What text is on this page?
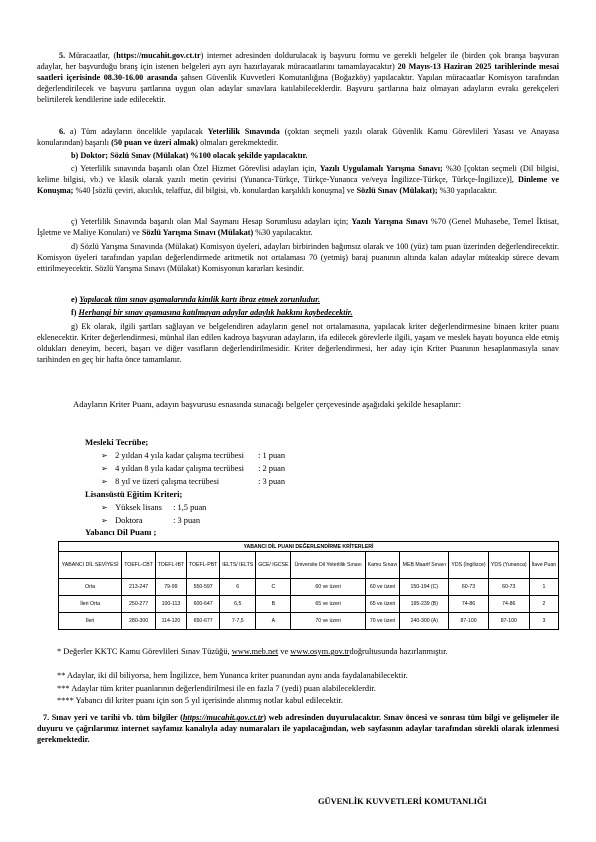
5. Müracaatlar, (https://mucahit.gov.ct.tr) internet adresinden doldurulacak iş başvuru formu ve gerekli belgeler ile (birden çok branşa başvuran adaylar, her başvurduğu branş için istenen belgeleri ayrı ayrı hazırlayarak müracaatlarını tamamlayacaktır) 20 Mayıs-13 Haziran 2025 tarihlerinde mesai saatleri içerisinde 08.30-16.00 arasında şahsen Güvenlik Kuvvetleri Komutanlığına (Boğazköy) yapılacaktır. Yapılan müracaatlar Komisyon tarafından değerlendirilecek ve başvuru şartlarına uygun olan adaylar sınavlara katılabileceklerdir. Başvuru şartlarına haiz olmayan adayların evrakı gerekçeleri belirtilerek kendilerine iade edilecektir.

6. a) Tüm adayların öncelikle yapılacak Yeterlilik Sınavında (çoktan seçmeli yazılı olarak Güvenlik Kamu Görevlileri Yasası ve Anayasa konularından) başarılı (50 puan ve üzeri almak) olmaları gerekmektedir.

b) Doktor; Sözlü Sınav (Mülakat) %100 olacak şekilde yapılacaktır.

c) Yeterlilik sınavında başarılı olan Özel Hizmet Görevlisi adayları için, Yazılı Uygulamalı Yarışma Sınavı; %30 [çoktan seçmeli (Dil bilgisi, kelime bilgisi, vb.) ve klasik olarak yazılı metin çevirisi (Yunanca-Türkçe, Türkçe-Yunanca ve/veya İngilizce-Türkçe, Türkçe-İngilizce)], Dinleme ve Konuşma; %40 [sözlü çeviri, akıcılık, telaffuz, dil bilgisi, vb. konulardan karşılıklı konuşma] ve Sözlü Sınav (Mülakat); %30 yapılacaktır.

ç) Yeterlilik Sınavında başarılı olan Mal Saymanı Hesap Sorumlusu adayları için; Yazılı Yarışma Sınavı %70 (Genel Muhasebe, Temel İktisat, İşletme ve Maliye Konuları) ve Sözlü Yarışma Sınavı (Mülakat) %30 yapılacaktır.

d) Sözlü Yarışma Sınavında (Mülakat) Komisyon üyeleri, adayları birbirinden bağımsız olarak ve 100 (yüz) tam puan üzerinden değerlendirecektir. Komisyon üyeleri tarafından yapılan değerlendirmede aritmetik not ortalaması 70 (yetmiş) baraj puanının altında kalan adaylar müteakip sürece devam ettirilmeyecektir. Sözlü Yarışma Sınavı (Mülakat) Komisyonun kararları kesindir.

e) Yapılacak tüm sınav aşamalarında kimlik kartı ibraz etmek zorunludur.

f) Herhangi bir sınav aşamasına katılmayan adaylar adaylık hakkını kaybedecektir.

g) Ek olarak, ilgili şartları sağlayan ve belgelendiren adayların genel not ortalamasına, yapılacak kriter değerlendirmesine binaen kriter puanı eklenecektir. Kriter değerlendirmesi, münhal ilan edilen kadroya başvuran adayların, ifa edilecek görevlerle ilgili, yaşam ve meslek hayatı boyunca elde etmiş oldukları deneyim, beceri, başarı ve diğer vasıfların değerlendirilmesidir. Kriter değerlendirmesi, her aday için Kriter Puanının hesaplanmasıyla sınav tarihinden en geç bir hafta önce tamamlanır.

Adayların Kriter Puanı, adayın başvurusu esnasında sunacağı belgeler çerçevesinde aşağıdaki şekilde hesaplanır:

Mesleki Tecrübe;
➢ 2 yıldan 4 yıla kadar çalışma tecrübesi : 1 puan
➢ 4 yıldan 8 yıla kadar çalışma tecrübesi : 2 puan
➢ 8 yıl ve üzeri çalışma tecrübesi	: 3 puan
Lisansüstü Eğitim Kriteri;
➢ Yüksek lisans : 1,5 puan
➢ Doktora	: 3 puan
Yabancı Dil Puanı ;
YABANCI DİL PUANI DEĞERLENDİRME KRİTERLERİ											
YABANCI DİL SEVİYESİ	TOEFL-CBT	TOEFL-IBT	TOEFL-PBT	IELTS/ IELTS	GCE/ IGCSE	Üniversite Dil Yeterlilik Sınavı	Kamu Sınavı	MEB Maarif Sınavı	YDS (İngilizce)	YDS (Yunanca)	İlave Puan
Orta	213-247	79-99	550-597	6	C	60 ve üzeri	60 ve üzeri	150-194 (C)	60-73	60-73	1
İleri Orta	250-277	100-113	600-647	6,5	B	65 ve üzeri	65 ve üzeri	195-239 (B)	74-86	74-86	2
İleri	280-300	114-120	650-677	7-7,5	A	70 ve üzeri	70 ve üzeri	240-300 (A)	87-100	87-100	3

* Değerler KKTC Kamu Görevlileri Sınav Tüzüğü, www.meb.net ve www.osym.gov.trdoğrultusunda hazırlanmıştır.

** Adaylar, iki dil biliyorsa, hem İngilizce, hem Yunanca kriter puanından aynı anda faydalanabilecektir.

*** Adaylar tüm kriter puanlarının değerlendirilmesi ile en fazla 7 (yedi) puan alabileceklerdir.

**** Yabancı dil kriter puanı için son 5 yıl içerisinde alınmış notlar kabul edilecektir.

7. Sınav yeri ve tarihi vb. tüm bilgiler (https://mucahit.gov.ct.tr) web adresinden duyurulacaktır. Sınav öncesi ve sonrası tüm bilgi ve gelişmeler ile duyuru ve çağrılarımız internet sayfamız kanalıyla aday numaraları ile yapılacağından, web sayfasının adaylar tarafından sürekli olarak izlenmesi gerekmektedir.

GÜVENLİK KUVVETLERİ KOMUTANLIĞI
